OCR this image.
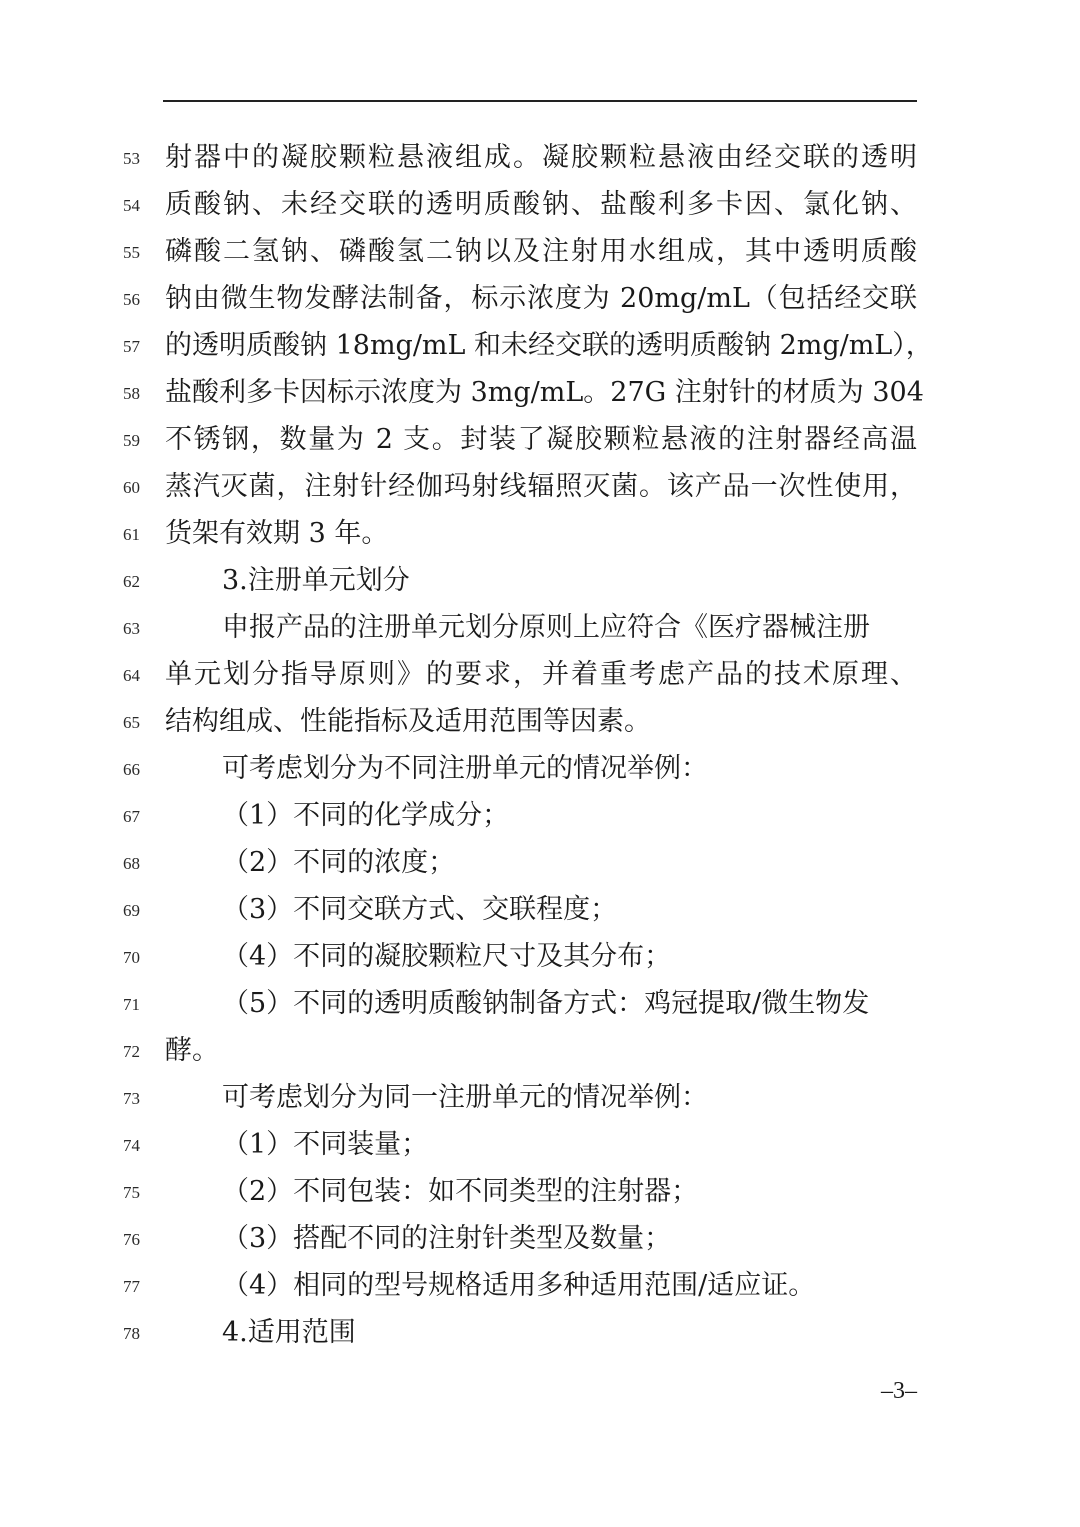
53 射器中的凝胶颗粒悬液组成。凝胶颗粒悬液由经交联的透明
54 质酸钠、未经交联的透明质酸钠、盐酸利多卡因、氯化钠、
55 磷酸二氢钠、磷酸氢二钠以及注射用水组成，其中透明质酸
56 钠由微生物发酵法制备，标示浓度为 20mg/mL（包括经交联
57 的透明质酸钠 18mg/mL 和未经交联的透明质酸钠 2mg/mL），
58 盐酸利多卡因标示浓度为 3mg/mL。27G 注射针的材质为 304
59 不锈钢，数量为 2 支。封装了凝胶颗粒悬液的注射器经高温
60 蒸汽灭菌，注射针经伽玛射线辐照灭菌。该产品一次性使用，
61 货架有效期 3 年。
62	3.注册单元划分
63	申报产品的注册单元划分原则上应符合《医疗器械注册
64 单元划分指导原则》的要求，并着重考虑产品的技术原理、
65 结构组成、性能指标及适用范围等因素。
66	可考虑划分为不同注册单元的情况举例：
67	（1）不同的化学成分；
68	（2）不同的浓度；
69	（3）不同交联方式、交联程度；
70	（4）不同的凝胶颗粒尺寸及其分布；
71	（5）不同的透明质酸钠制备方式：鸡冠提取/微生物发
72 酵。
73	可考虑划分为同一注册单元的情况举例：
74	（1）不同装量；
75	（2）不同包装：如不同类型的注射器；
76	（3）搭配不同的注射针类型及数量；
77	（4）相同的型号规格适用多种适用范围/适应证。
78	4.适用范围
–3–
